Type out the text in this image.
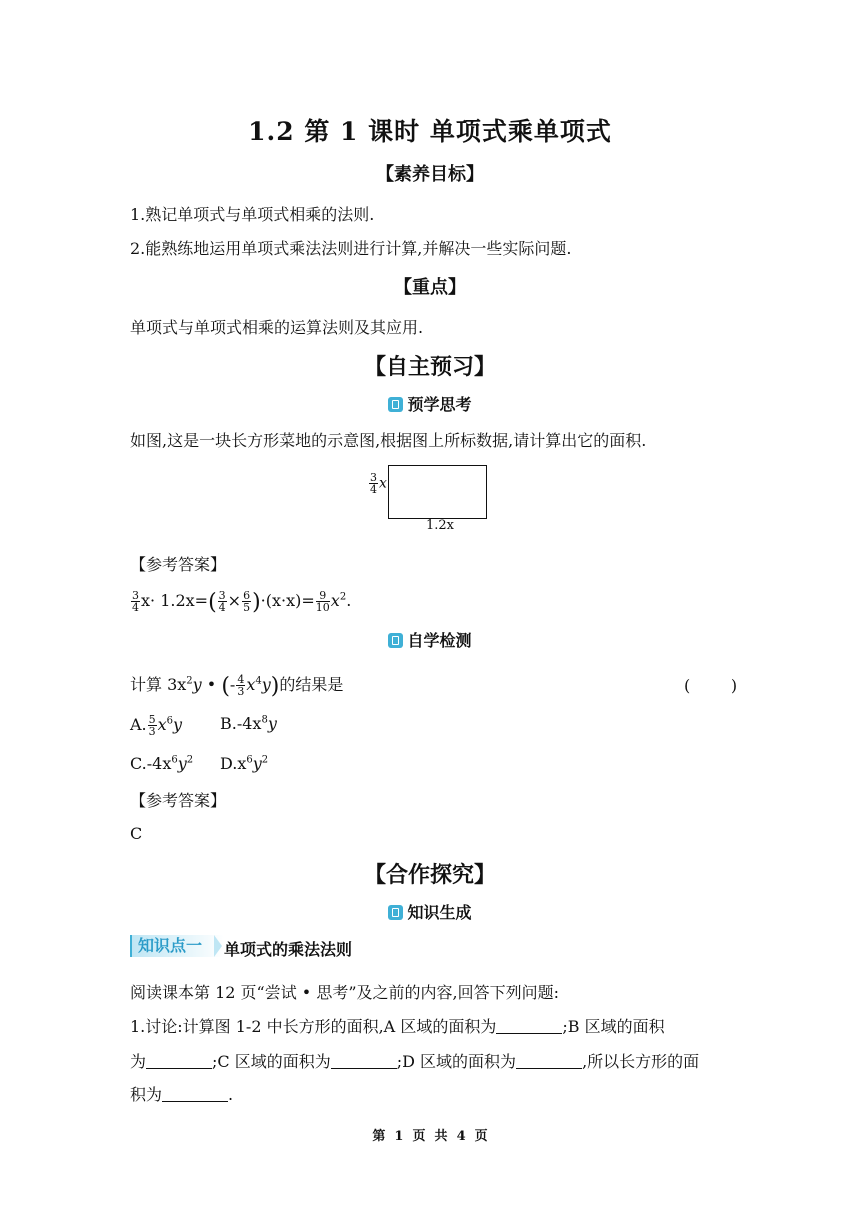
1.2 第 1 课时 单项式乘单项式
【素养目标】
1.熟记单项式与单项式相乘的法则.
2.能熟练地运用单项式乘法法则进行计算,并解决一些实际问题.
【重点】
单项式与单项式相乘的运算法则及其应用.
【自主预习】
预学思考
如图,这是一块长方形菜地的示意图,根据图上所标数据,请计算出它的面积.
$\frac{3}{4}$ x
1.2x
【参考答案】
$\frac{3}{4} x\cdot 1.2x=( \frac{3}{4} \times \frac{6}{5} )\cdot(x\cdot x)= \frac{9}{10} x^2$.
自学检测
计算 $3x^2y$ • (- $\frac{4}{3} x^4y$)的结果是	(        )
A. $\frac{5}{3} x^6y$ $B.-4x^8y$
$C.-4x^6y^2$ $D.x^6y^2$
【参考答案】
C
【合作探究】
知识生成
知识点一	单项式的乘法法则
阅读课本第 12 页“尝试 • 思考”及之前的内容,回答下列问题:
1.讨论:计算图 1-2 中长方形的面积,A 区域的面积为	;B 区域的面积
为	;C 区域的面积为	;D 区域的面积为	,所以长方形的面
积为	.
第  1  页  共  4  页
